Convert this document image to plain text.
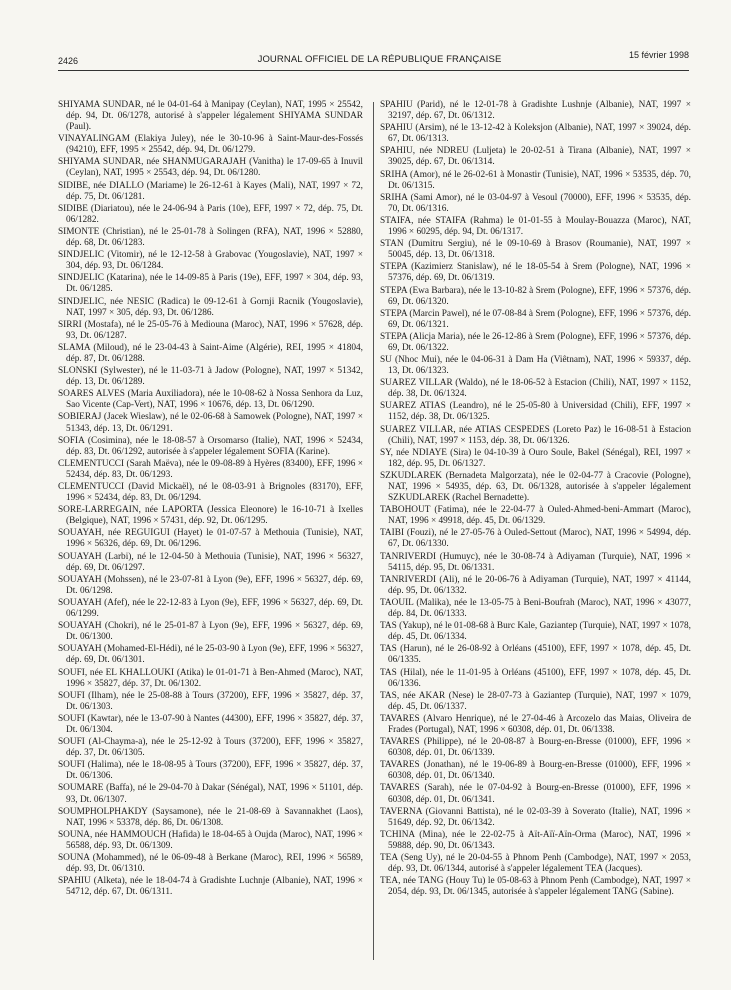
2426	JOURNAL OFFICIEL DE LA RÉPUBLIQUE FRANÇAISE	15 février 1998

SHIYAMA SUNDAR, né le 04-01-64 à Manipay (Ceylan), NAT, 1995 × 25542, dép. 94, Dt. 06/1278, autorisé à s'appeler légalement SHIYAMA SUNDAR (Paul).

VINAYALINGAM (Elakiya Juley), née le 30-10-96 à Saint-Maur-des-Fossés (94210), EFF, 1995 × 25542, dép. 94, Dt. 06/1279.

SHIYAMA SUNDAR, née SHANMUGARAJAH (Vanitha) le 17-09-65 à Inuvil (Ceylan), NAT, 1995 × 25543, dép. 94, Dt. 06/1280.

SIDIBE, née DIALLO (Mariame) le 26-12-61 à Kayes (Mali), NAT, 1997 × 72, dép. 75, Dt. 06/1281.

SIDIBE (Diariatou), née le 24-06-94 à Paris (10e), EFF, 1997 × 72, dép. 75, Dt. 06/1282.

SIMONTE (Christian), né le 25-01-78 à Solingen (RFA), NAT, 1996 × 52880, dép. 68, Dt. 06/1283.

SINDJELIC (Vitomir), né le 12-12-58 à Grabovac (Yougoslavie), NAT, 1997 × 304, dép. 93, Dt. 06/1284.

SINDJELIC (Katarina), née le 14-09-85 à Paris (19e), EFF, 1997 × 304, dép. 93, Dt. 06/1285.

SINDJELIC, née NESIC (Radica) le 09-12-61 à Gornji Racnik (Yougoslavie), NAT, 1997 × 305, dép. 93, Dt. 06/1286.

SIRRI (Mostafa), né le 25-05-76 à Mediouna (Maroc), NAT, 1996 × 57628, dép. 93, Dt. 06/1287.

SLAMA (Miloud), né le 23-04-43 à Saint-Aime (Algérie), REI, 1995 × 41804, dép. 87, Dt. 06/1288.

SLONSKI (Sylwester), né le 11-03-71 à Jadow (Pologne), NAT, 1997 × 51342, dép. 13, Dt. 06/1289.

SOARES ALVES (Maria Auxiliadora), née le 10-08-62 à Nossa Senhora da Luz, Sao Vicente (Cap-Vert), NAT, 1996 × 10676, dép. 13, Dt. 06/1290.

SOBIERAJ (Jacek Wieslaw), né le 02-06-68 à Samowek (Pologne), NAT, 1997 × 51343, dép. 13, Dt. 06/1291.

SOFIA (Cosimina), née le 18-08-57 à Orsomarso (Italie), NAT, 1996 × 52434, dép. 83, Dt. 06/1292, autorisée à s'appeler légalement SOFIA (Karine).

CLEMENTUCCI (Sarah Maëva), née le 09-08-89 à Hyères (83400), EFF, 1996 × 52434, dép. 83, Dt. 06/1293.

CLEMENTUCCI (David Mickaël), né le 08-03-91 à Brignoles (83170), EFF, 1996 × 52434, dép. 83, Dt. 06/1294.

SORE-LARREGAIN, née LAPORTA (Jessica Eleonore) le 16-10-71 à Ixelles (Belgique), NAT, 1996 × 57431, dép. 92, Dt. 06/1295.

SOUAYAH, née REGUIGUI (Hayet) le 01-07-57 à Methouia (Tunisie), NAT, 1996 × 56326, dép. 69, Dt. 06/1296.

SOUAYAH (Larbi), né le 12-04-50 à Methouia (Tunisie), NAT, 1996 × 56327, dép. 69, Dt. 06/1297.

SOUAYAH (Mohssen), né le 23-07-81 à Lyon (9e), EFF, 1996 × 56327, dép. 69, Dt. 06/1298.

SOUAYAH (Afef), née le 22-12-83 à Lyon (9e), EFF, 1996 × 56327, dép. 69, Dt. 06/1299.

SOUAYAH (Chokri), né le 25-01-87 à Lyon (9e), EFF, 1996 × 56327, dép. 69, Dt. 06/1300.

SOUAYAH (Mohamed-El-Hédi), né le 25-03-90 à Lyon (9e), EFF, 1996 × 56327, dép. 69, Dt. 06/1301.

SOUFI, née EL KHALLOUKI (Atika) le 01-01-71 à Ben-Ahmed (Maroc), NAT, 1996 × 35827, dép. 37, Dt. 06/1302.

SOUFI (Ilham), née le 25-08-88 à Tours (37200), EFF, 1996 × 35827, dép. 37, Dt. 06/1303.

SOUFI (Kawtar), née le 13-07-90 à Nantes (44300), EFF, 1996 × 35827, dép. 37, Dt. 06/1304.

SOUFI (Al-Chayma-a), née le 25-12-92 à Tours (37200), EFF, 1996 × 35827, dép. 37, Dt. 06/1305.

SOUFI (Halima), née le 18-08-95 à Tours (37200), EFF, 1996 × 35827, dép. 37, Dt. 06/1306.

SOUMARE (Baffa), né le 29-04-70 à Dakar (Sénégal), NAT, 1996 × 51101, dép. 93, Dt. 06/1307.

SOUMPHOLPHAKDY (Saysamone), née le 21-08-69 à Savannakhet (Laos), NAT, 1996 × 53378, dép. 86, Dt. 06/1308.

SOUNA, née HAMMOUCH (Hafida) le 18-04-65 à Oujda (Maroc), NAT, 1996 × 56588, dép. 93, Dt. 06/1309.

SOUNA (Mohammed), né le 06-09-48 à Berkane (Maroc), REI, 1996 × 56589, dép. 93, Dt. 06/1310.

SPAHIU (Alketa), née le 18-04-74 à Gradishte Luchnje (Albanie), NAT, 1996 × 54712, dép. 67, Dt. 06/1311.

SPAHIU (Parid), né le 12-01-78 à Gradishte Lushnje (Albanie), NAT, 1997 × 32197, dép. 67, Dt. 06/1312.

SPAHIU (Arsim), né le 13-12-42 à Koleksjon (Albanie), NAT, 1997 × 39024, dép. 67, Dt. 06/1313.

SPAHIU, née NDREU (Luljeta) le 20-02-51 à Tirana (Albanie), NAT, 1997 × 39025, dép. 67, Dt. 06/1314.

SRIHA (Amor), né le 26-02-61 à Monastir (Tunisie), NAT, 1996 × 53535, dép. 70, Dt. 06/1315.

SRIHA (Sami Amor), né le 03-04-97 à Vesoul (70000), EFF, 1996 × 53535, dép. 70, Dt. 06/1316.

STAIFA, née STAIFA (Rahma) le 01-01-55 à Moulay-Bouazza (Maroc), NAT, 1996 × 60295, dép. 94, Dt. 06/1317.

STAN (Dumitru Sergiu), né le 09-10-69 à Brasov (Roumanie), NAT, 1997 × 50045, dép. 13, Dt. 06/1318.

STEPA (Kazimierz Stanislaw), né le 18-05-54 à Srem (Pologne), NAT, 1996 × 57376, dép. 69, Dt. 06/1319.

STEPA (Ewa Barbara), née le 13-10-82 à Srem (Pologne), EFF, 1996 × 57376, dép. 69, Dt. 06/1320.

STEPA (Marcin Pawel), né le 07-08-84 à Srem (Pologne), EFF, 1996 × 57376, dép. 69, Dt. 06/1321.

STEPA (Alicja Maria), née le 26-12-86 à Srem (Pologne), EFF, 1996 × 57376, dép. 69, Dt. 06/1322.

SU (Nhoc Mui), née le 04-06-31 à Dam Ha (Viêtnam), NAT, 1996 × 59337, dép. 13, Dt. 06/1323.

SUAREZ VILLAR (Waldo), né le 18-06-52 à Estacion (Chili), NAT, 1997 × 1152, dép. 38, Dt. 06/1324.

SUAREZ ATIAS (Leandro), né le 25-05-80 à Universidad (Chili), EFF, 1997 × 1152, dép. 38, Dt. 06/1325.

SUAREZ VILLAR, née ATIAS CESPEDES (Loreto Paz) le 16-08-51 à Estacion (Chili), NAT, 1997 × 1153, dép. 38, Dt. 06/1326.

SY, née NDIAYE (Sira) le 04-10-39 à Ouro Soule, Bakel (Sénégal), REI, 1997 × 182, dép. 95, Dt. 06/1327.

SZKUDLAREK (Bernadeta Malgorzata), née le 02-04-77 à Cracovie (Pologne), NAT, 1996 × 54935, dép. 63, Dt. 06/1328, autorisée à s'appeler légalement SZKUDLAREK (Rachel Bernadette).

TABOHOUT (Fatima), née le 22-04-77 à Ouled-Ahmed-beni-Ammart (Maroc), NAT, 1996 × 49918, dép. 45, Dt. 06/1329.

TAIBI (Fouzi), né le 27-05-76 à Ouled-Settout (Maroc), NAT, 1996 × 54994, dép. 67, Dt. 06/1330.

TANRIVERDI (Humuyc), née le 30-08-74 à Adiyaman (Turquie), NAT, 1996 × 54115, dép. 95, Dt. 06/1331.

TANRIVERDI (Ali), né le 20-06-76 à Adiyaman (Turquie), NAT, 1997 × 41144, dép. 95, Dt. 06/1332.

TAOUIL (Malika), née le 13-05-75 à Beni-Boufrah (Maroc), NAT, 1996 × 43077, dép. 84, Dt. 06/1333.

TAS (Yakup), né le 01-08-68 à Burc Kale, Gaziantep (Turquie), NAT, 1997 × 1078, dép. 45, Dt. 06/1334.

TAS (Harun), né le 26-08-92 à Orléans (45100), EFF, 1997 × 1078, dép. 45, Dt. 06/1335.

TAS (Hilal), née le 11-01-95 à Orléans (45100), EFF, 1997 × 1078, dép. 45, Dt. 06/1336.

TAS, née AKAR (Nese) le 28-07-73 à Gaziantep (Turquie), NAT, 1997 × 1079, dép. 45, Dt. 06/1337.

TAVARES (Alvaro Henrique), né le 27-04-46 à Arcozelo das Maias, Oliveira de Frades (Portugal), NAT, 1996 × 60308, dép. 01, Dt. 06/1338.

TAVARES (Philippe), né le 20-08-87 à Bourg-en-Bresse (01000), EFF, 1996 × 60308, dép. 01, Dt. 06/1339.

TAVARES (Jonathan), né le 19-06-89 à Bourg-en-Bresse (01000), EFF, 1996 × 60308, dép. 01, Dt. 06/1340.

TAVARES (Sarah), née le 07-04-92 à Bourg-en-Bresse (01000), EFF, 1996 × 60308, dép. 01, Dt. 06/1341.

TAVERNA (Giovanni Battista), né le 02-03-39 à Soverato (Italie), NAT, 1996 × 51649, dép. 92, Dt. 06/1342.

TCHINA (Mina), née le 22-02-75 à Aït-Aïï-Aïn-Orma (Maroc), NAT, 1996 × 59888, dép. 90, Dt. 06/1343.

TEA (Seng Uy), né le 20-04-55 à Phnom Penh (Cambodge), NAT, 1997 × 2053, dép. 93, Dt. 06/1344, autorisé à s'appeler légalement TEA (Jacques).

TEA, née TANG (Houy Tu) le 05-08-63 à Phnom Penh (Cambodge), NAT, 1997 × 2054, dép. 93, Dt. 06/1345, autorisée à s'appeler légalement TANG (Sabine).
